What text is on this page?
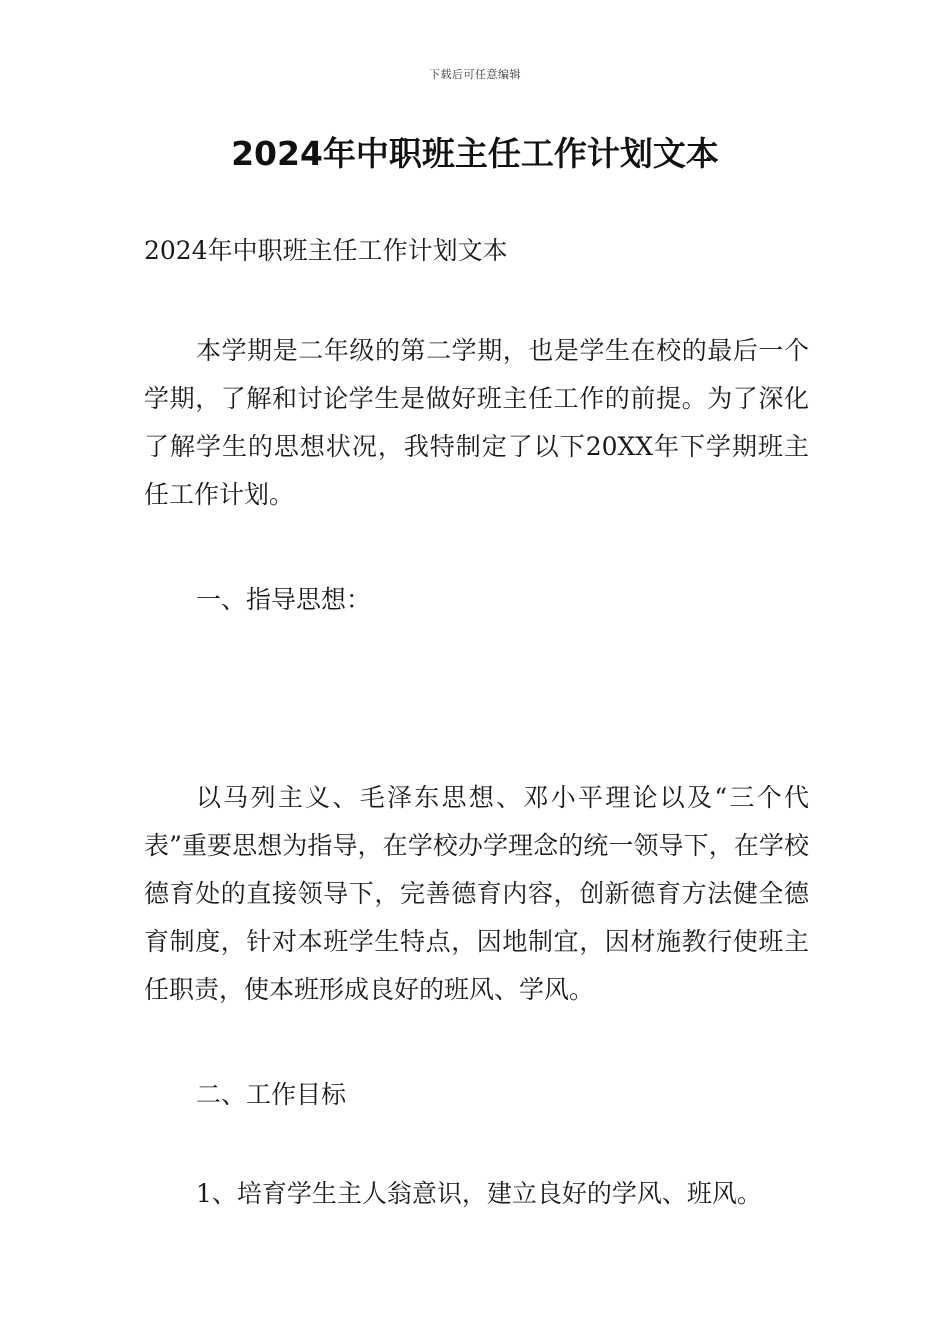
下载后可任意编辑
2024年中职班主任工作计划文本
2024年中职班主任工作计划文本
本学期是二年级的第二学期，也是学生在校的最后一个学期，了解和讨论学生是做好班主任工作的前提。为了深化了解学生的思想状况，我特制定了以下20XX年下学期班主任工作计划。
一、指导思想：
以马列主义、毛泽东思想、邓小平理论以及“三个代表”重要思想为指导，在学校办学理念的统一领导下，在学校德育处的直接领导下，完善德育内容，创新德育方法健全德育制度，针对本班学生特点，因地制宜，因材施教行使班主任职责，使本班形成良好的班风、学风。
二、工作目标
1、培育学生主人翁意识，建立良好的学风、班风。
